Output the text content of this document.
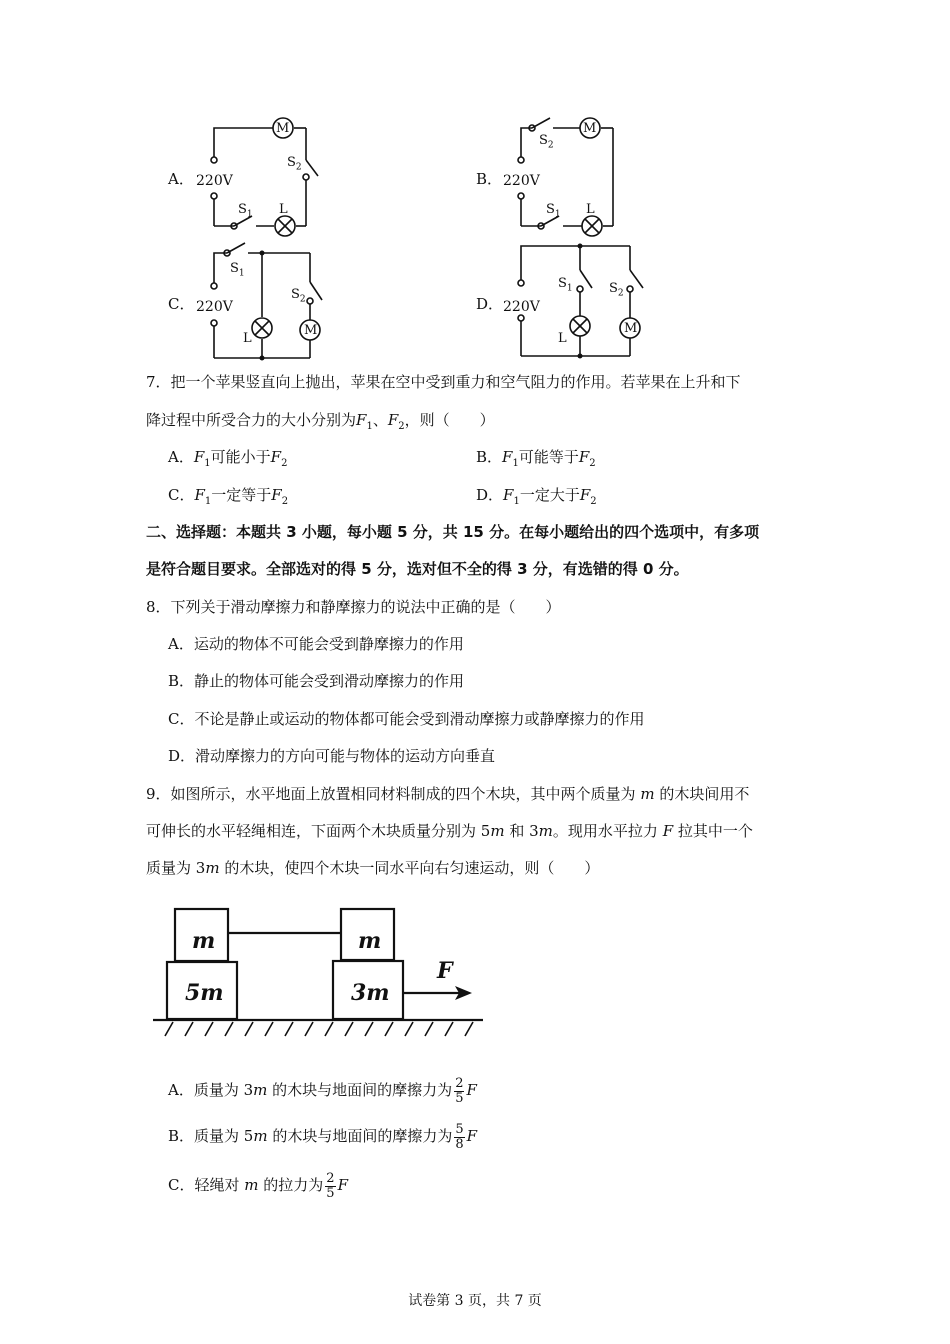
A． 220V
M
$S_2$
$S_1$ L
B． 220V
M
$S_2$
$S_1$ L
C． 220V
$S_1$
$S_2$
L
M
D． 220V
$S_1$	$S_2$
L
M
7．把一个苹果竖直向上抛出，苹果在空中受到重力和空气阻力的作用。若苹果在上升和下
降过程中所受合力的大小分别为$F_1$、$F_2$，则（　　）
A．$F_1$可能小于$F_2$	B．$F_1$可能等于$F_2$
C．$F_1$一定等于$F_2$	D．$F_1$一定大于$F_2$
二、选择题：本题共 3 小题，每小题 5 分，共 15 分。在每小题给出的四个选项中，有多项
是符合题目要求。全部选对的得 5 分，选对但不全的得 3 分，有选错的得 0 分。
8．下列关于滑动摩擦力和静摩擦力的说法中正确的是（　　）
A．运动的物体不可能会受到静摩擦力的作用
B．静止的物体可能会受到滑动摩擦力的作用
C．不论是静止或运动的物体都可能会受到滑动摩擦力或静摩擦力的作用
D．滑动摩擦力的方向可能与物体的运动方向垂直
9．如图所示，水平地面上放置相同材料制成的四个木块，其中两个质量为 m 的木块间用不
可伸长的水平轻绳相连，下面两个木块质量分别为 5m 和 3m。现用水平拉力 F 拉其中一个
质量为 3m 的木块，使四个木块一同水平向右匀速运动，则（　　）
m	m
5m	3m
F
A．质量为 3m 的木块与地面间的摩擦力为 $\frac{2}{5}$ F
B．质量为 5m 的木块与地面间的摩擦力为 $\frac{5}{8}$ F
C．轻绳对 m 的拉力为 $\frac{2}{5}$ F
试卷第 3 页，共 7 页
